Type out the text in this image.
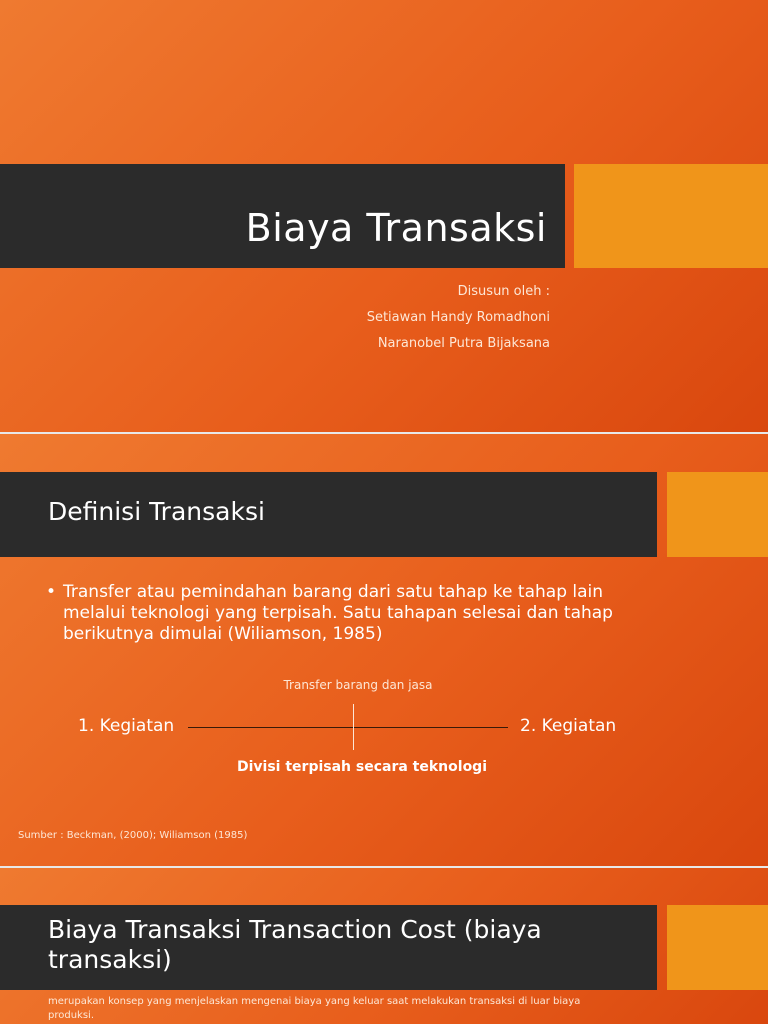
Biaya Transaksi
Disusun oleh :
Setiawan Handy Romadhoni
Naranobel Putra Bijaksana
Definisi Transaksi
• Transfer atau pemindahan barang dari satu tahap ke tahap lain melalui teknologi yang terpisah. Satu tahapan selesai dan tahap berikutnya dimulai (Wiliamson, 1985)
Transfer barang dan jasa
1. Kegiatan	2. Kegiatan
Divisi terpisah secara teknologi
Sumber : Beckman, (2000); Wiliamson (1985)
Biaya Transaksi Transaction Cost (biaya transaksi)
merupakan konsep yang menjelaskan mengenai biaya yang keluar saat melakukan transaksi di luar biaya produksi.
